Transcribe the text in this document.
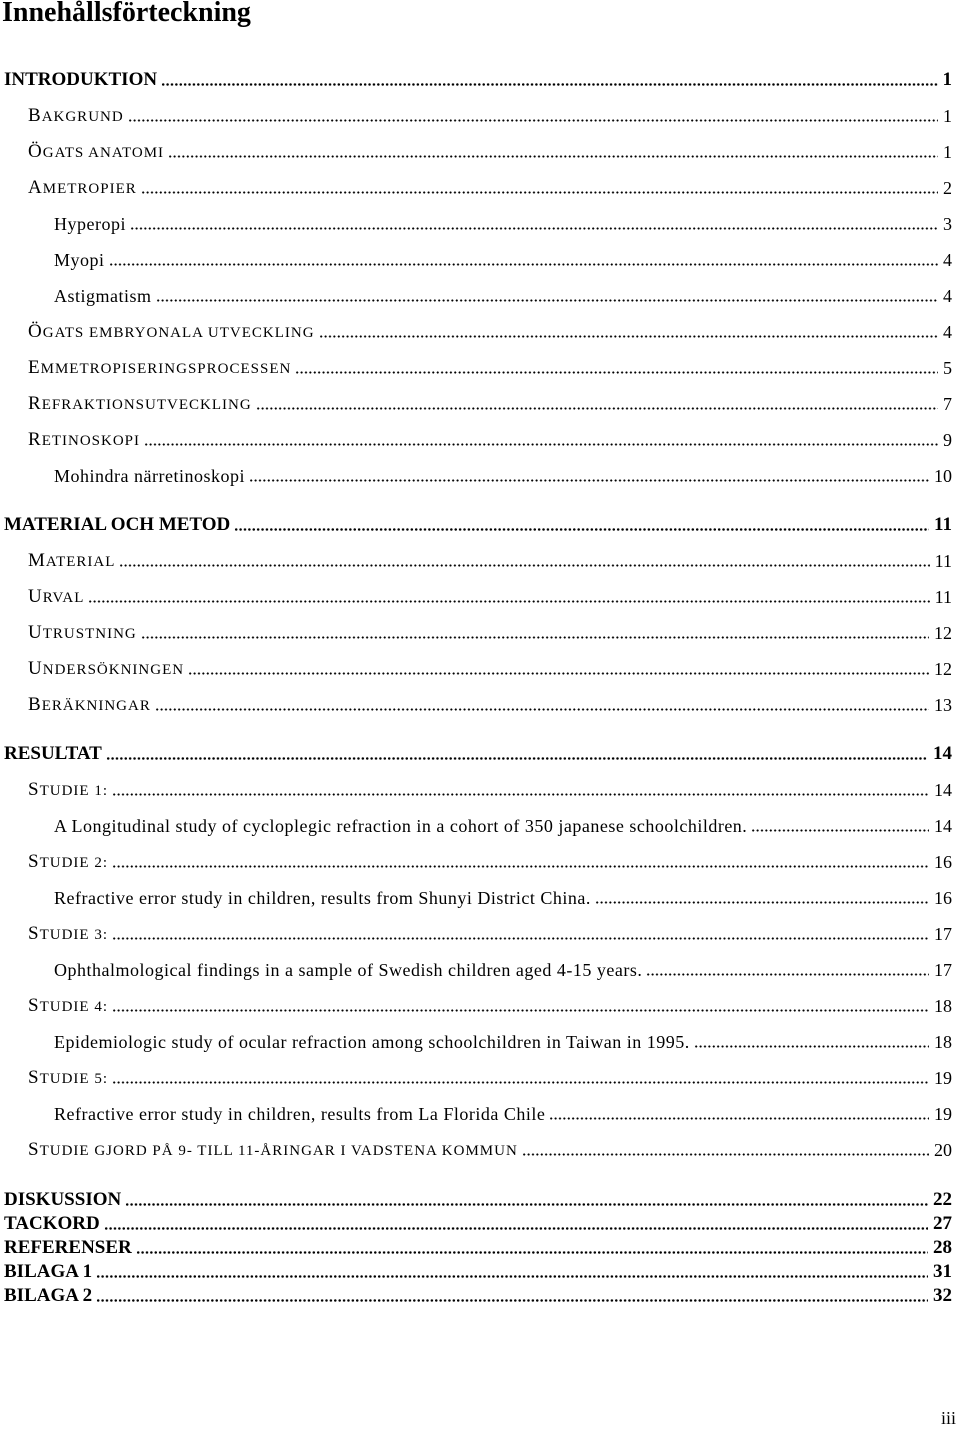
Innehållsförteckning
INTRODUKTION	1
BAKGRUND	1
ÖGATS ANATOMI	1
AMETROPIER	2
Hyperopi	3
Myopi	4
Astigmatism	4
ÖGATS EMBRYONALA UTVECKLING	4
EMMETROPISERINGSPROCESSEN	5
REFRAKTIONSUTVECKLING	7
RETINOSKOPI	9
Mohindra närretinoskopi	10
MATERIAL OCH METOD	11
MATERIAL	11
URVAL	11
UTRUSTNING	12
UNDERSÖKNINGEN	12
BERÄKNINGAR	13
RESULTAT	14
STUDIE 1:	14
A Longitudinal study of cycloplegic refraction in a cohort of 350 japanese schoolchildren.	14
STUDIE 2:	16
Refractive error study in children, results from Shunyi District China.	16
STUDIE 3:	17
Ophthalmological findings in a sample of Swedish children aged 4-15 years.	17
STUDIE 4:	18
Epidemiologic study of ocular refraction among schoolchildren in Taiwan in 1995.	18
STUDIE 5:	19
Refractive error study in children, results from La Florida Chile	19
STUDIE GJORD PÅ 9- TILL 11-ÅRINGAR I VADSTENA KOMMUN	20
DISKUSSION	22
TACKORD	27
REFERENSER	28
BILAGA 1	31
BILAGA 2	32
iii
